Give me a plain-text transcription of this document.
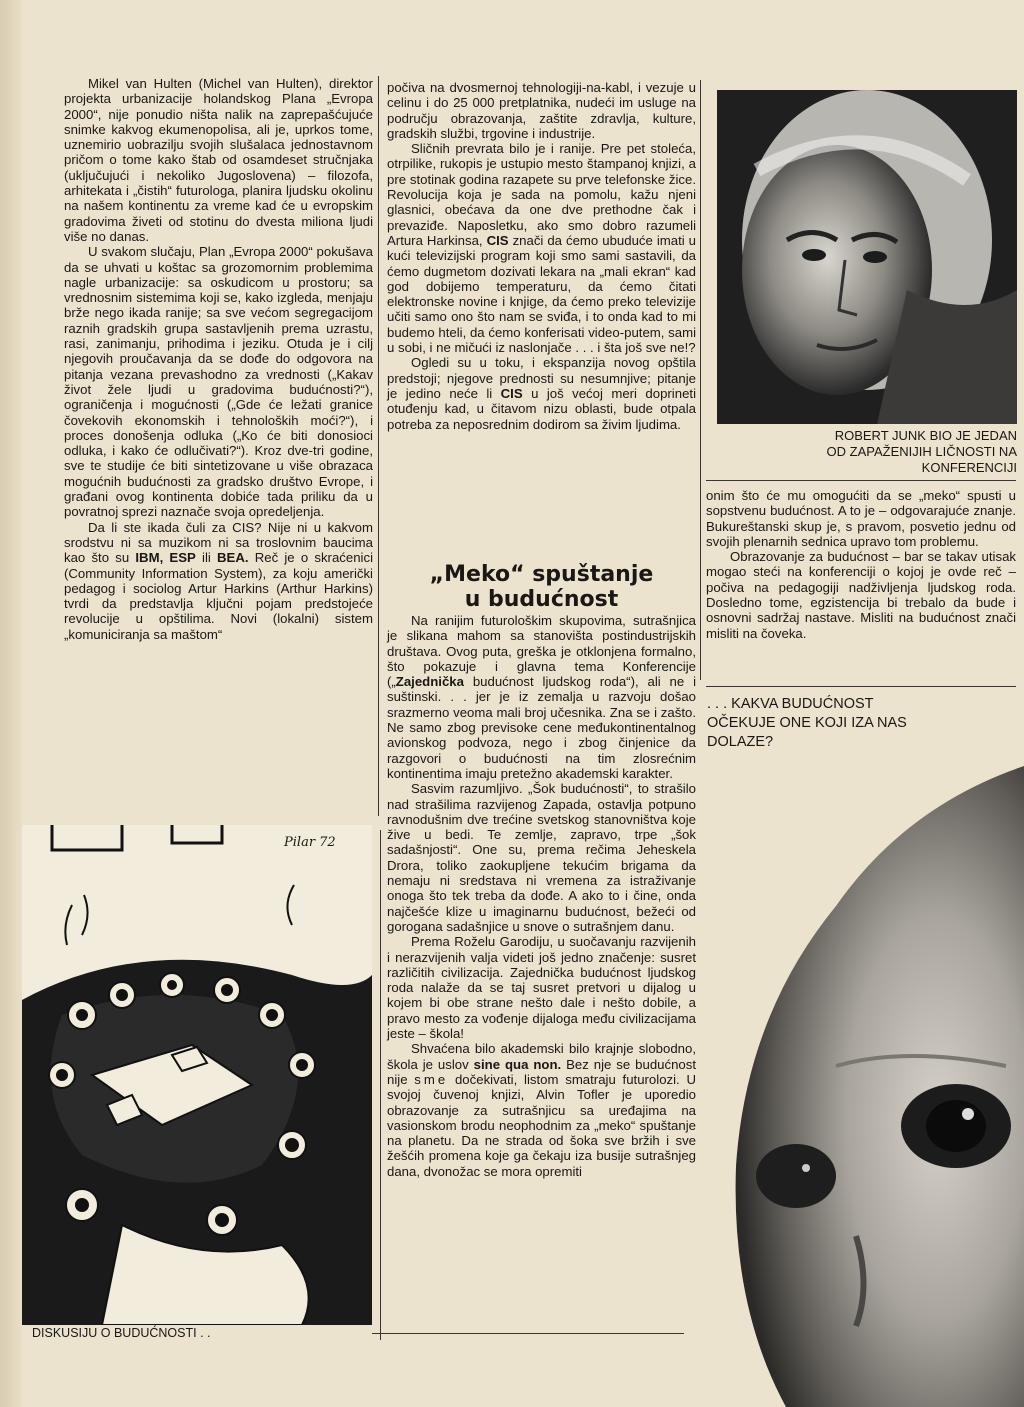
Mikel van Hulten (Michel van Hulten), direktor projekta urbanizacije holandskog Plana „Evropa 2000“, nije ponudio ništa nalik na zaprepašćujuće snimke kakvog ekumenopolisa, ali je, uprkos tome, uznemirio uobrazilju svojih slušalaca jednostavnom pričom o tome kako štab od osamdeset stručnjaka (uključujući i nekoliko Jugoslovena) – filozofa, arhitekata i „čistih“ futurologa, planira ljudsku okolinu na našem kontinentu za vreme kad će u evropskim gradovima živeti od stotinu do dvesta miliona ljudi više no danas.

U svakom slučaju, Plan „Evropa 2000“ pokušava da se uhvati u koštac sa grozomornim problemima nagle urbanizacije: sa oskudicom u prostoru; sa vrednosnim sistemima koji se, kako izgleda, menjaju brže nego ikada ranije; sa sve većom segregacijom raznih gradskih grupa sastavljenih prema uzrastu, rasi, zanimanju, prihodima i jeziku. Otuda je i cilj njegovih proučavanja da se dođe do odgovora na pitanja vezana prevashodno za vrednosti („Kakav život žele ljudi u gradovima budućnosti?“), ograničenja i mogućnosti („Gde će ležati granice čovekovih ekonomskih i tehnoloških moći?“), i proces donošenja odluka („Ko će biti donosioci odluka, i kako će odlučivati?“). Kroz dve-tri godine, sve te studije će biti sintetizovane u više obrazaca mogućnih budućnosti za gradsko društvo Evrope, i građani ovog kontinenta dobiće tada priliku da u povratnoj sprezi naznače svoja opredeljenja.

Da li ste ikada čuli za CIS? Nije ni u kakvom srodstvu ni sa muzikom ni sa troslovnim baucima kao što su IBM, ESP ili BEA. Reč je o skraćenici (Community Information System), za koju američki pedagog i sociolog Artur Harkins (Arthur Harkins) tvrdi da predstavlja ključni pojam predstojeće revolucije u opštilima. Novi (lokalni) sistem „komuniciranja sa maštom“

počiva na dvosmernoj tehnologiji-na-kabl, i vezuje u celinu i do 25 000 pretplatnika, nudeći im usluge na području obrazovanja, zaštite zdravlja, kulture, gradskih službi, trgovine i industrije.

Sličnih prevrata bilo je i ranije. Pre pet stoleća, otrpilike, rukopis je ustupio mesto štampanoj knjizi, a pre stotinak godina razapete su prve telefonske žice. Revolucija koja je sada na pomolu, kažu njeni glasnici, obećava da one dve prethodne čak i prevaziđe. Naposletku, ako smo dobro razumeli Artura Harkinsa, CIS znači da ćemo ubuduće imati u kući televizijski program koji smo sami sastavili, da ćemo dugmetom dozivati lekara na „mali ekran“ kad god dobijemo temperaturu, da ćemo čitati elektronske novine i knjige, da ćemo preko televizije učiti samo ono što nam se sviđa, i to onda kad to mi budemo hteli, da ćemo konferisati video-putem, sami u sobi, i ne mičući iz naslonjače . . . i šta još sve ne!?

Ogledi su u toku, i ekspanzija novog opštila predstoji; njegove prednosti su nesumnjive; pitanje je jedino neće li CIS u još većoj meri doprineti otuđenju kad, u čitavom nizu oblasti, bude otpala potreba za neposrednim dodirom sa živim ljudima.

„Meko“ spuštanje
u budućnost

Na ranijim futurološkim skupovima, sutrašnjica je slikana mahom sa stanovišta postindustrijskih društava. Ovog puta, greška je otklonjena formalno, što pokazuje i glavna tema Konferencije („Zajednička budućnost ljudskog roda“), ali ne i suštinski. . . jer je iz zemalja u razvoju došao srazmerno veoma mali broj učesnika. Zna se i zašto. Ne samo zbog previsoke cene međukontinentalnog avionskog podvoza, nego i zbog činjenice da razgovori o budućnosti na tim zlosrećnim kontinentima imaju pretežno akademski karakter.

Sasvim razumljivo. „Šok budućnosti“, to strašilo nad strašilima razvijenog Zapada, ostavlja potpuno ravnodušnim dve trećine svetskog stanovništva koje žive u bedi. Te zemlje, zapravo, trpe „šok sadašnjosti“. One su, prema rečima Jeheskela Drora, toliko zaokupljene tekućim brigama da nemaju ni sredstava ni vremena za istraživanje onoga što tek treba da dođe. A ako to i čine, onda najčešće klize u imaginarnu budućnost, bežeći od gorogana sadašnjice u snove o sutrašnjem danu.

Prema Roželu Garodiju, u suočavanju razvijenih i nerazvijenih valja videti još jedno značenje: susret različitih civilizacija. Zajednička budućnost ljudskog roda nalaže da se taj susret pretvori u dijalog u kojem bi obe strane nešto dale i nešto dobile, a pravo mesto za vođenje dijaloga među civilizacijama jeste – škola!

Shvaćena bilo akademski bilo krajnje slobodno, škola je uslov sine qua non. Bez nje se budućnost nije sme dočekivati, listom smatraju futurolozi. U svojoj čuvenoj knjizi, Alvin Tofler je uporedio obrazovanje za sutrašnjicu sa uređajima na vasionskom brodu neophodnim za „meko“ spuštanje na planetu. Da ne strada od šoka sve bržih i sve žešćih promena koje ga čekaju iza busije sutrašnjeg dana, dvonožac se mora opremiti

ROBERT JUNK BIO JE JEDAN
OD ZAPAŽENIJIH LIČNOSTI NA
KONFERENCIJI

onim što će mu omogućiti da se „meko“ spusti u sopstvenu budućnost. A to je – odgovarajuće znanje. Bukureštanski skup je, s pravom, posvetio jednu od svojih plenarnih sednica upravo tom problemu.

Obrazovanje za budućnost – bar se takav utisak mogao steći na konferenciji o kojoj je ovde reč – počiva na pedagogiji nadživljenja ljudskog roda. Dosledno tome, egzistencija bi trebalo da bude i osnovni sadržaj nastave. Misliti na budućnost znači misliti na čoveka.

. . . KAKVA BUDUĆNOST
OČEKUJE ONE KOJI IZA NAS
DOLAZE?
Pilar 72
DISKUSIJU O BUDUĆNOSTI . .
